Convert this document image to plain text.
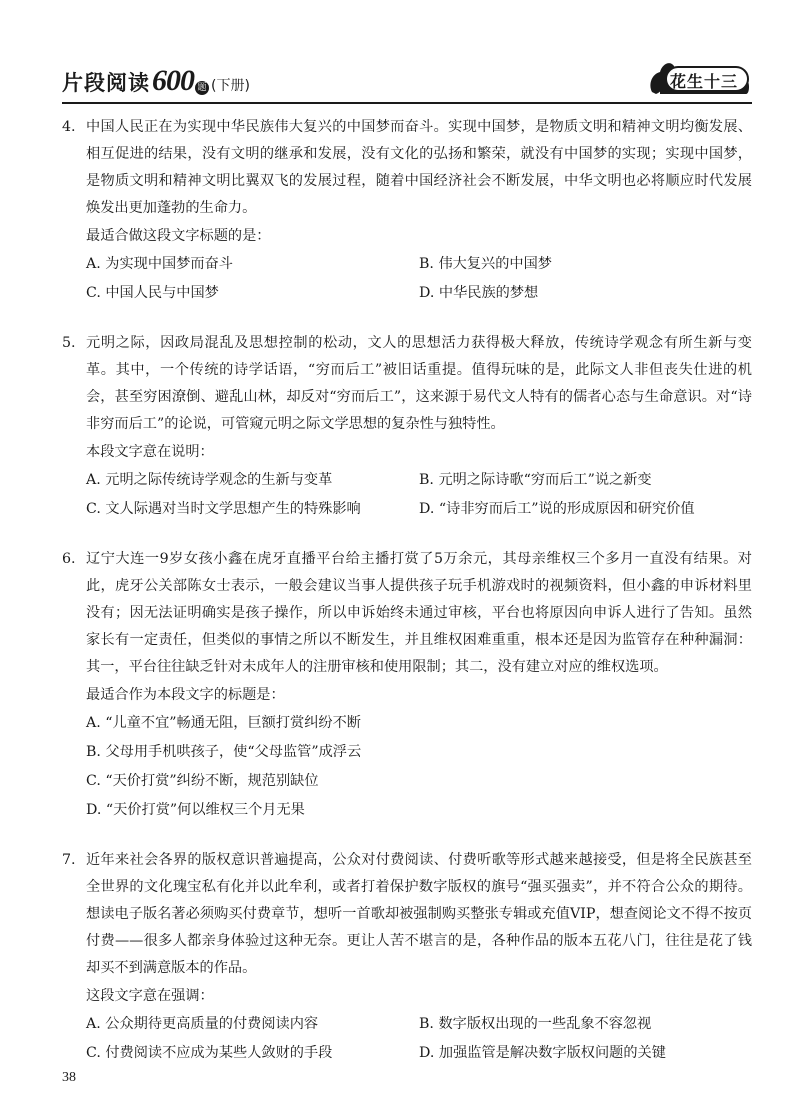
片段阅读 600 题 (下册)	花生十三
4. 中国人民正在为实现中华民族伟大复兴的中国梦而奋斗。实现中国梦，是物质文明和精神文明均衡发展、相互促进的结果，没有文明的继承和发展，没有文化的弘扬和繁荣，就没有中国梦的实现；实现中国梦，是物质文明和精神文明比翼双飞的发展过程，随着中国经济社会不断发展，中华文明也必将顺应时代发展焕发出更加蓬勃的生命力。
最适合做这段文字标题的是：
A. 为实现中国梦而奋斗	B. 伟大复兴的中国梦
C. 中国人民与中国梦	D. 中华民族的梦想
5. 元明之际，因政局混乱及思想控制的松动，文人的思想活力获得极大释放，传统诗学观念有所生新与变革。其中，一个传统的诗学话语，“穷而后工”被旧话重提。值得玩味的是，此际文人非但丧失仕进的机会，甚至穷困潦倒、避乱山林，却反对“穷而后工”，这来源于易代文人特有的儒者心态与生命意识。对“诗非穷而后工”的论说，可管窥元明之际文学思想的复杂性与独特性。
本段文字意在说明：
A. 元明之际传统诗学观念的生新与变革	B. 元明之际诗歌“穷而后工”说之新变
C. 文人际遇对当时文学思想产生的特殊影响	D. “诗非穷而后工”说的形成原因和研究价值
6. 辽宁大连一9岁女孩小鑫在虎牙直播平台给主播打赏了5万余元，其母亲维权三个多月一直没有结果。对此，虎牙公关部陈女士表示，一般会建议当事人提供孩子玩手机游戏时的视频资料，但小鑫的申诉材料里没有；因无法证明确实是孩子操作，所以申诉始终未通过审核，平台也将原因向申诉人进行了告知。虽然家长有一定责任，但类似的事情之所以不断发生，并且维权困难重重，根本还是因为监管存在种种漏洞：其一，平台往往缺乏针对未成年人的注册审核和使用限制；其二，没有建立对应的维权选项。
最适合作为本段文字的标题是：
A. “儿童不宜”畅通无阻，巨额打赏纠纷不断
B. 父母用手机哄孩子，使“父母监管”成浮云
C. “天价打赏”纠纷不断，规范别缺位
D. “天价打赏”何以维权三个月无果
7. 近年来社会各界的版权意识普遍提高，公众对付费阅读、付费听歌等形式越来越接受，但是将全民族甚至全世界的文化瑰宝私有化并以此牟利，或者打着保护数字版权的旗号“强买强卖”，并不符合公众的期待。想读电子版名著必须购买付费章节，想听一首歌却被强制购买整张专辑或充值VIP，想查阅论文不得不按页付费——很多人都亲身体验过这种无奈。更让人苦不堪言的是，各种作品的版本五花八门，往往是花了钱却买不到满意版本的作品。
这段文字意在强调：
A. 公众期待更高质量的付费阅读内容	B. 数字版权出现的一些乱象不容忽视
C. 付费阅读不应成为某些人敛财的手段	D. 加强监管是解决数字版权问题的关键
38
